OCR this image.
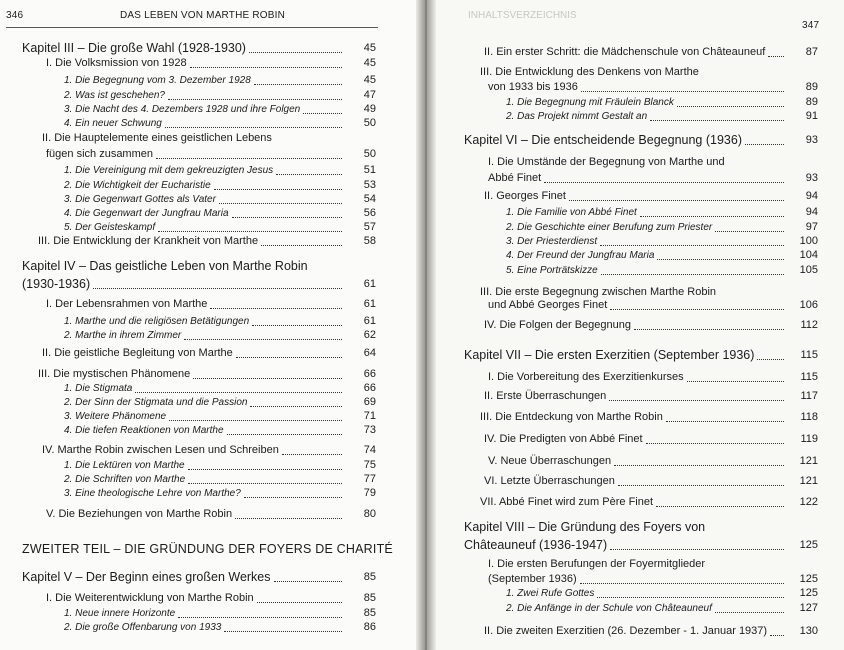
346	DAS LEBEN VON MARTHE ROBIN
Kapitel III – Die große Wahl (1928-1930)	45
I. Die Volksmission von 1928	45
1. Die Begegnung vom 3. Dezember 1928	45
2. Was ist geschehen?	47
3. Die Nacht des 4. Dezembers 1928 und ihre Folgen	49
4. Ein neuer Schwung	50
II. Die Hauptelemente eines geistlichen Lebens
fügen sich zusammen	50
1. Die Vereinigung mit dem gekreuzigten Jesus	51
2. Die Wichtigkeit der Eucharistie	53
3. Die Gegenwart Gottes als Vater	54
4. Die Gegenwart der Jungfrau Maria	56
5. Der Geisteskampf	57
III. Die Entwicklung der Krankheit von Marthe	58
Kapitel IV – Das geistliche Leben von Marthe Robin
(1930-1936)	61
I. Der Lebensrahmen von Marthe	61
1. Marthe und die religiösen Betätigungen	61
2. Marthe in ihrem Zimmer	62
II. Die geistliche Begleitung von Marthe	64
III. Die mystischen Phänomene	66
1. Die Stigmata	66
2. Der Sinn der Stigmata und die Passion	69
3. Weitere Phänomene	71
4. Die tiefen Reaktionen von Marthe	73
IV. Marthe Robin zwischen Lesen und Schreiben	74
1. Die Lektüren von Marthe	75
2. Die Schriften von Marthe	77
3. Eine theologische Lehre von Marthe?	79
V. Die Beziehungen von Marthe Robin	80
ZWEITER TEIL – DIE GRÜNDUNG DER FOYERS DE CHARITÉ
Kapitel V – Der Beginn eines großen Werkes	85
I. Die Weiterentwicklung von Marthe Robin	85
1. Neue innere Horizonte	85
2. Die große Offenbarung von 1933	86
INHALTSVERZEICHNIS
347
II. Ein erster Schritt: die Mädchenschule von Châteauneuf	87
III. Die Entwicklung des Denkens von Marthe
von 1933 bis 1936	89
1. Die Begegnung mit Fräulein Blanck	89
2. Das Projekt nimmt Gestalt an	91
Kapitel VI – Die entscheidende Begegnung (1936)	93
I. Die Umstände der Begegnung von Marthe und
Abbé Finet	93
II. Georges Finet	94
1. Die Familie von Abbé Finet	94
2. Die Geschichte einer Berufung zum Priester	97
3. Der Priesterdienst	100
4. Der Freund der Jungfrau Maria	104
5. Eine Porträtskizze	105
III. Die erste Begegnung zwischen Marthe Robin
und Abbé Georges Finet	106
IV. Die Folgen der Begegnung	112
Kapitel VII – Die ersten Exerzitien (September 1936)	115
I. Die Vorbereitung des Exerzitienkurses	115
II. Erste Überraschungen	117
III. Die Entdeckung von Marthe Robin	118
IV. Die Predigten von Abbé Finet	119
V. Neue Überraschungen	121
VI. Letzte Überraschungen	121
VII. Abbé Finet wird zum Père Finet	122
Kapitel VIII – Die Gründung des Foyers von
Châteauneuf (1936-1947)	125
I. Die ersten Berufungen der Foyermitglieder
(September 1936)	125
1. Zwei Rufe Gottes	125
2. Die Anfänge in der Schule von Châteauneuf	127
II. Die zweiten Exerzitien (26. Dezember - 1. Januar 1937)	130
